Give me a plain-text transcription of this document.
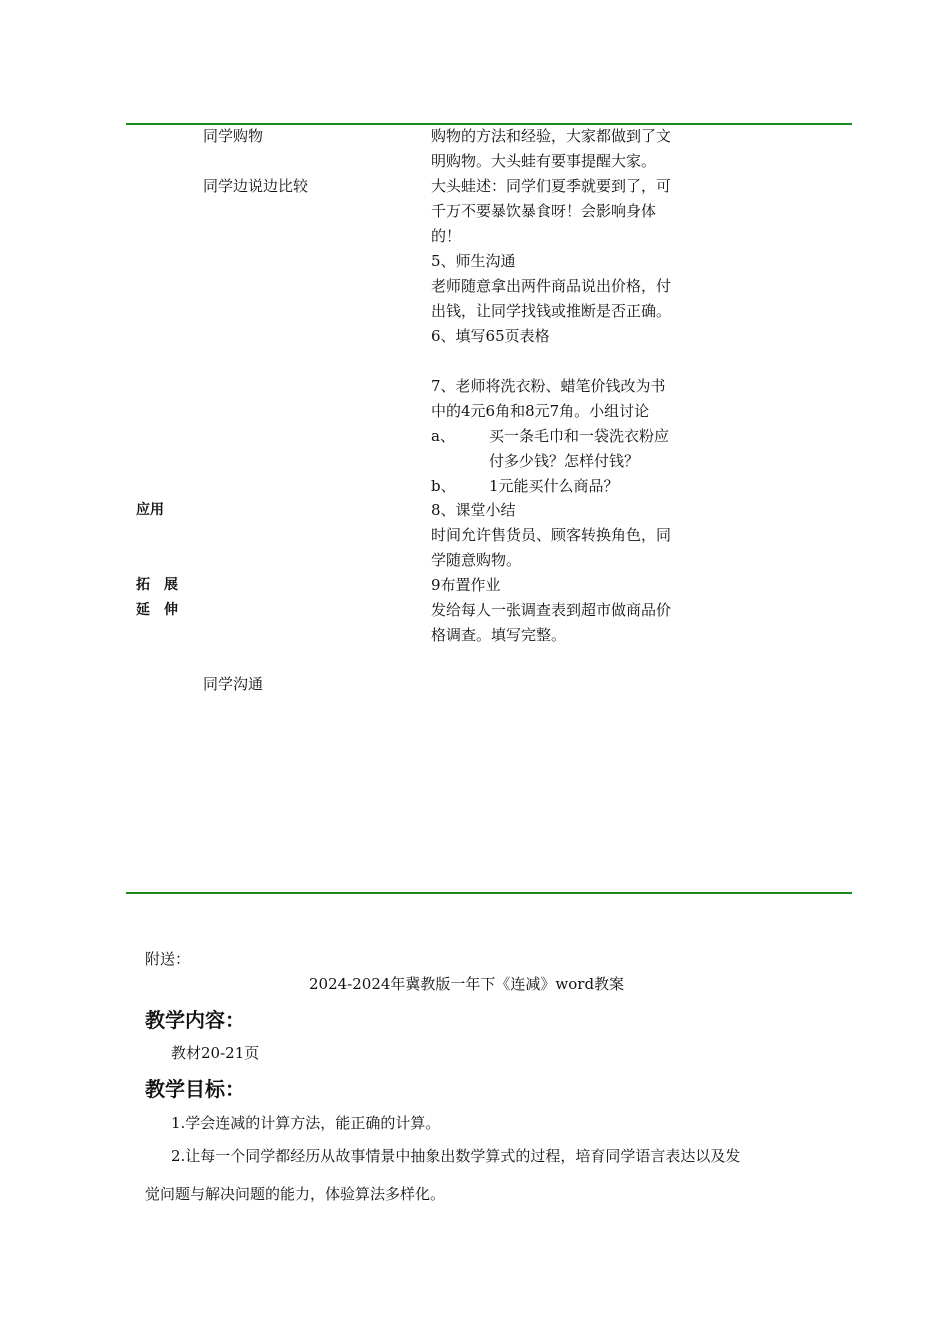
应用
拓　展
延　伸
同学购物
同学边说边比较
同学沟通
购物的方法和经验，大家都做到了文
明购物。大头蛙有要事提醒大家。
大头蛙述：同学们夏季就要到了，可
千万不要暴饮暴食呀！会影响身体
的！
5、师生沟通
老师随意拿出两件商品说出价格，付
出钱，让同学找钱或推断是否正确。
6、填写65页表格
7、老师将洗衣粉、蜡笔价钱改为书
中的4元6角和8元7角。小组讨论
a、 买一条毛巾和一袋洗衣粉应
付多少钱？怎样付钱？
b、 1元能买什么商品？
8、课堂小结
时间允许售货员、顾客转换角色，同
学随意购物。
9布置作业
发给每人一张调查表到超市做商品价
格调查。填写完整。
附送：
2024-2024年冀教版一年下《连减》word教案
教学内容：
教材20-21页
教学目标：
1.学会连减的计算方法，能正确的计算。
2.让每一个同学都经历从故事情景中抽象出数学算式的过程，培育同学语言表达以及发
觉问题与解决问题的能力，体验算法多样化。
